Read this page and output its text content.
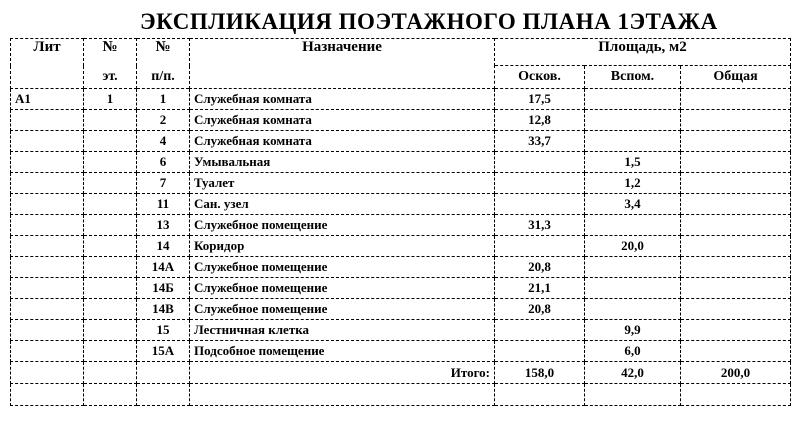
ЭКСПЛИКАЦИЯ ПОЭТАЖНОГО ПЛАНА 1ЭТАЖА
Лит	№	№	Назначение	Площадь, м2		
	эт.	п/п.		Осков.	Вспом.	Общая
А1	1	1	Служебная комната	17,5		
		2	Служебная комната	12,8		
		4	Служебная комната	33,7		
		6	Умывальная		1,5	
		7	Туалет		1,2	
		11	Сан. узел		3,4	
		13	Служебное помещение	31,3		
		14	Коридор		20,0	
		14А	Служебное помещение	20,8		
		14Б	Служебное помещение	21,1		
		14В	Служебное помещение	20,8		
		15	Лестничная клетка		9,9	
		15А	Подсобное помещение		6,0	
			Итого:	158,0	42,0	200,0
